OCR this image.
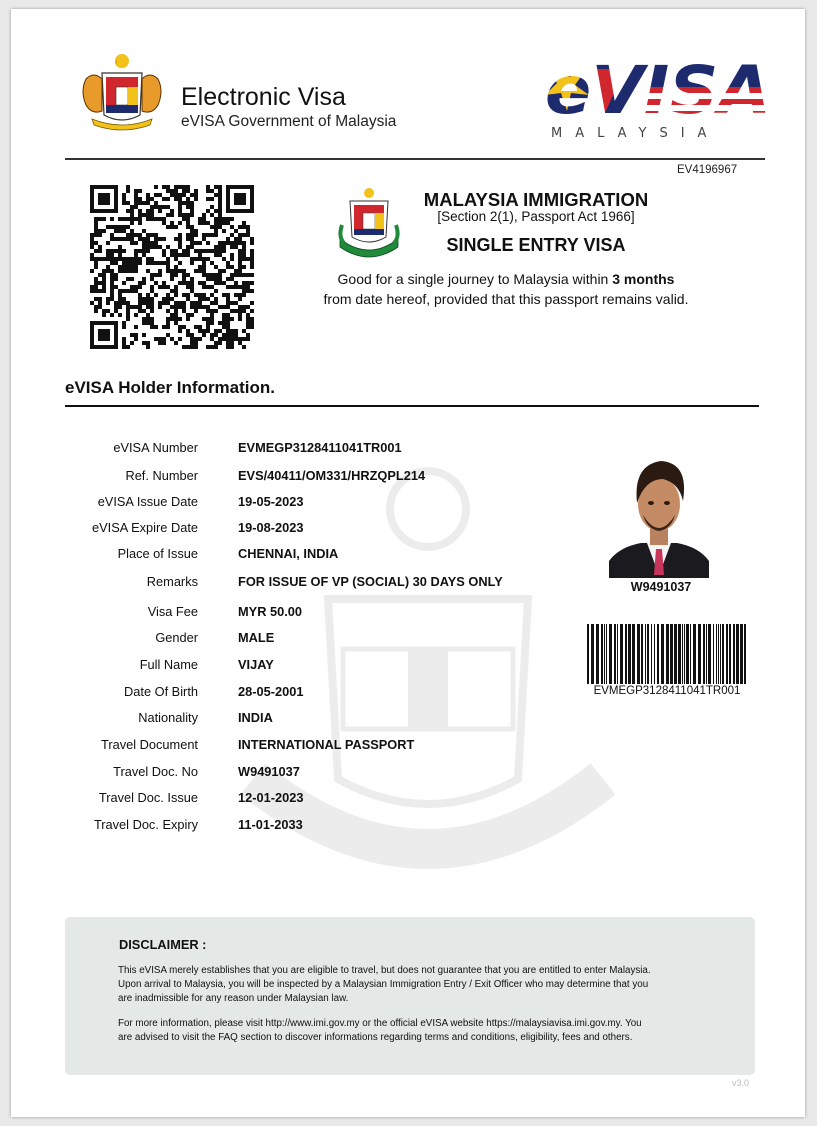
Electronic Visa
eVISA Government of Malaysia
MALAYSIA
EV4196967
MALAYSIA IMMIGRATION
[Section 2(1), Passport Act 1966]
SINGLE ENTRY VISA
Good for a single journey to Malaysia within 3 months
from date hereof, provided that this passport remains valid.
eVISA Holder Information.
eVISA Number	EVMEGP3128411041TR001
Ref. Number	EVS/40411/OM331/HRZQPL214
eVISA Issue Date	19-05-2023
eVISA Expire Date	19-08-2023
Place of Issue	CHENNAI, INDIA
Remarks	FOR ISSUE OF VP (SOCIAL) 30 DAYS ONLY
Visa Fee	MYR 50.00
Gender	MALE
Full Name	VIJAY
Date Of Birth	28-05-2001
Nationality	INDIA
Travel Document	INTERNATIONAL PASSPORT
Travel Doc. No	W9491037
Travel Doc. Issue	12-01-2023
Travel Doc. Expiry	11-01-2033
W9491037
EVMEGP3128411041TR001
DISCLAIMER :
This eVISA merely establishes that you are eligible to travel, but does not guarantee that you are entitled to enter Malaysia.
Upon arrival to Malaysia, you will be inspected by a Malaysian Immigration Entry / Exit Officer who may determine that you
are inadmissible for any reason under Malaysian law.
For more information, please visit http://www.imi.gov.my or the official eVISA website https://malaysiavisa.imi.gov.my. You
are advised to visit the FAQ section to discover informations regarding terms and conditions, eligibility, fees and others.
v3.0
